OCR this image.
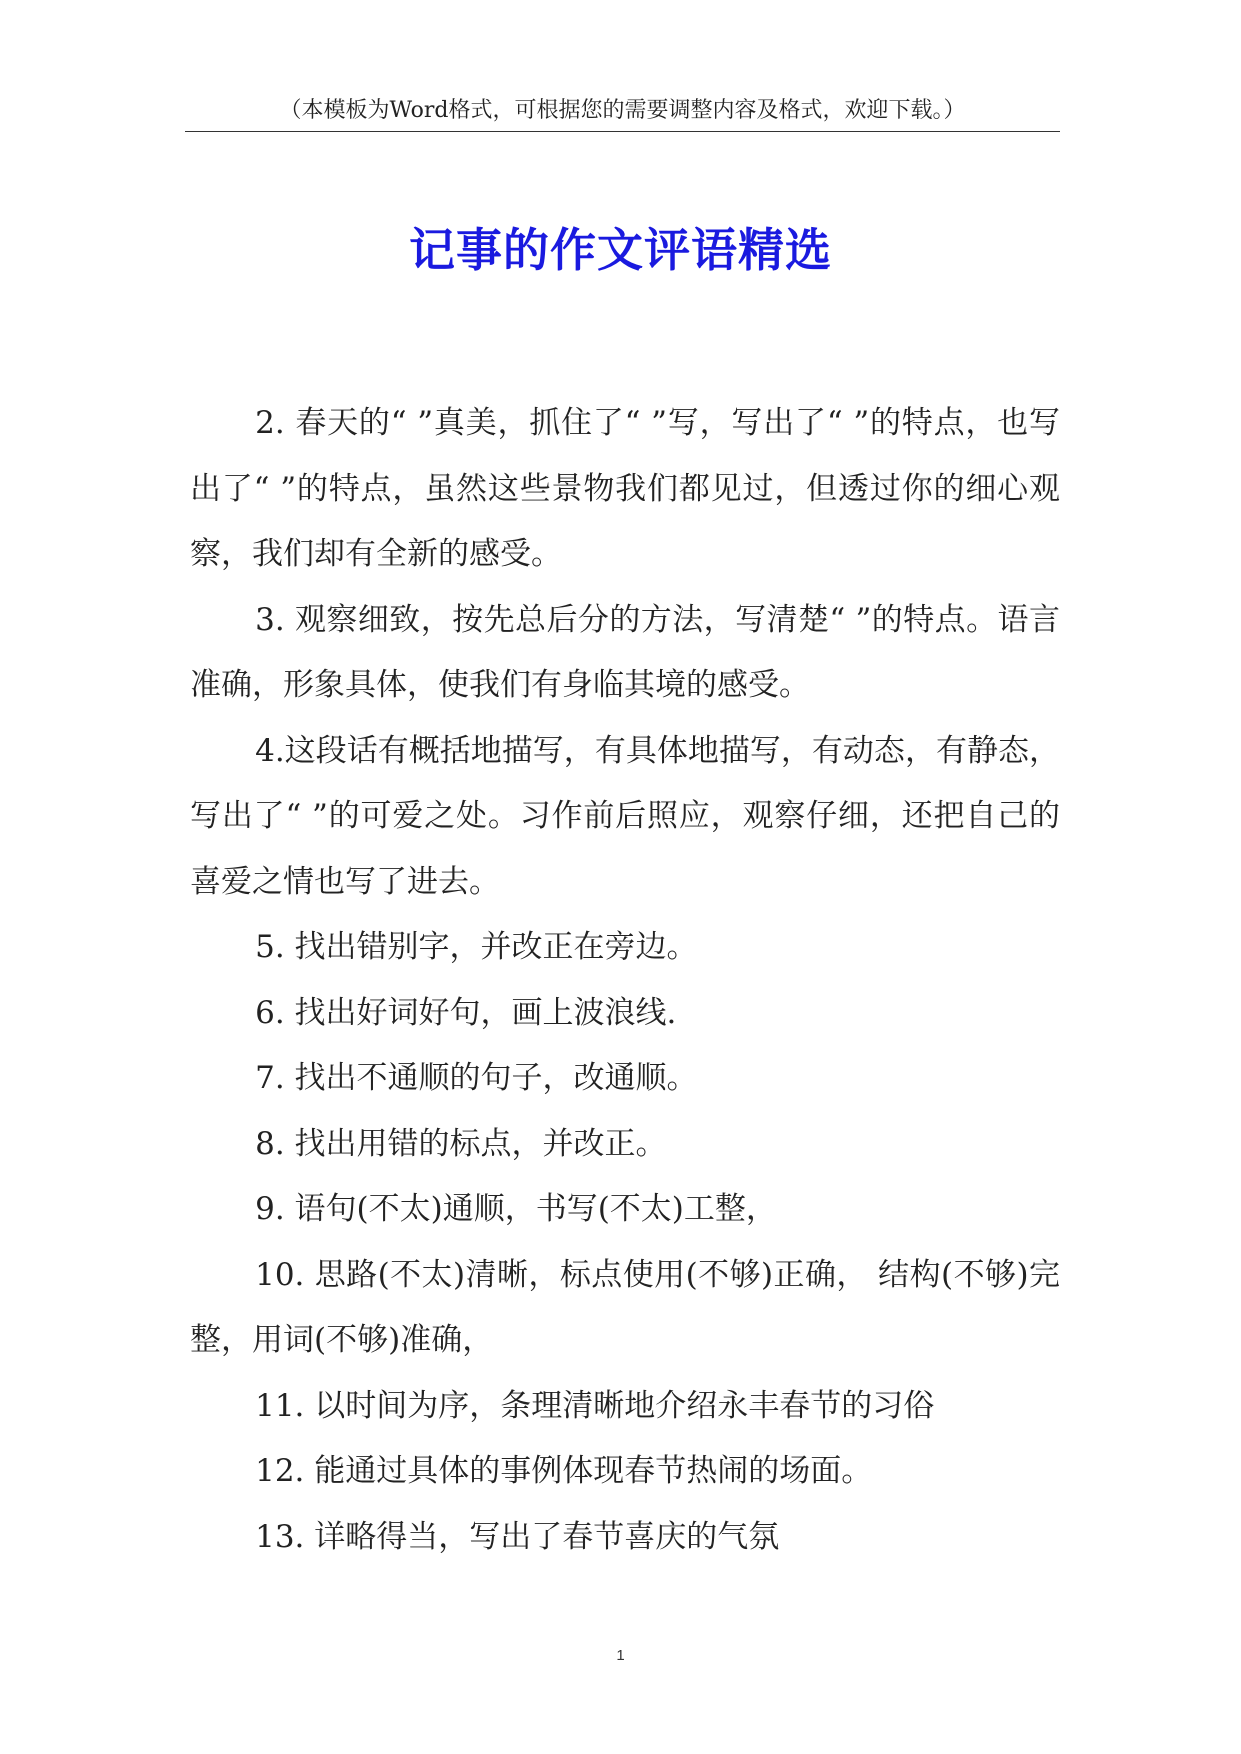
（本模板为Word格式，可根据您的需要调整内容及格式，欢迎下载。）
记事的作文评语精选

2. 春天的“ ”真美，抓住了“ ”写，写出了“ ”的特点，也写出了“ ”的特点，虽然这些景物我们都见过，但透过你的细心观察，我们却有全新的感受。

3. 观察细致，按先总后分的方法，写清楚“ ”的特点。语言准确，形象具体，使我们有身临其境的感受。

4.这段话有概括地描写，有具体地描写，有动态，有静态，写出了“ ”的可爱之处。习作前后照应，观察仔细，还把自己的喜爱之情也写了进去。

5. 找出错别字，并改正在旁边。

6. 找出好词好句，画上波浪线.

7. 找出不通顺的句子，改通顺。

8. 找出用错的标点，并改正。

9. 语句(不太)通顺，书写(不太)工整，

10. 思路(不太)清晰，标点使用(不够)正确， 结构(不够)完整，用词(不够)准确，

11. 以时间为序，条理清晰地介绍永丰春节的习俗

12. 能通过具体的事例体现春节热闹的场面。

13. 详略得当，写出了春节喜庆的气氛

1
